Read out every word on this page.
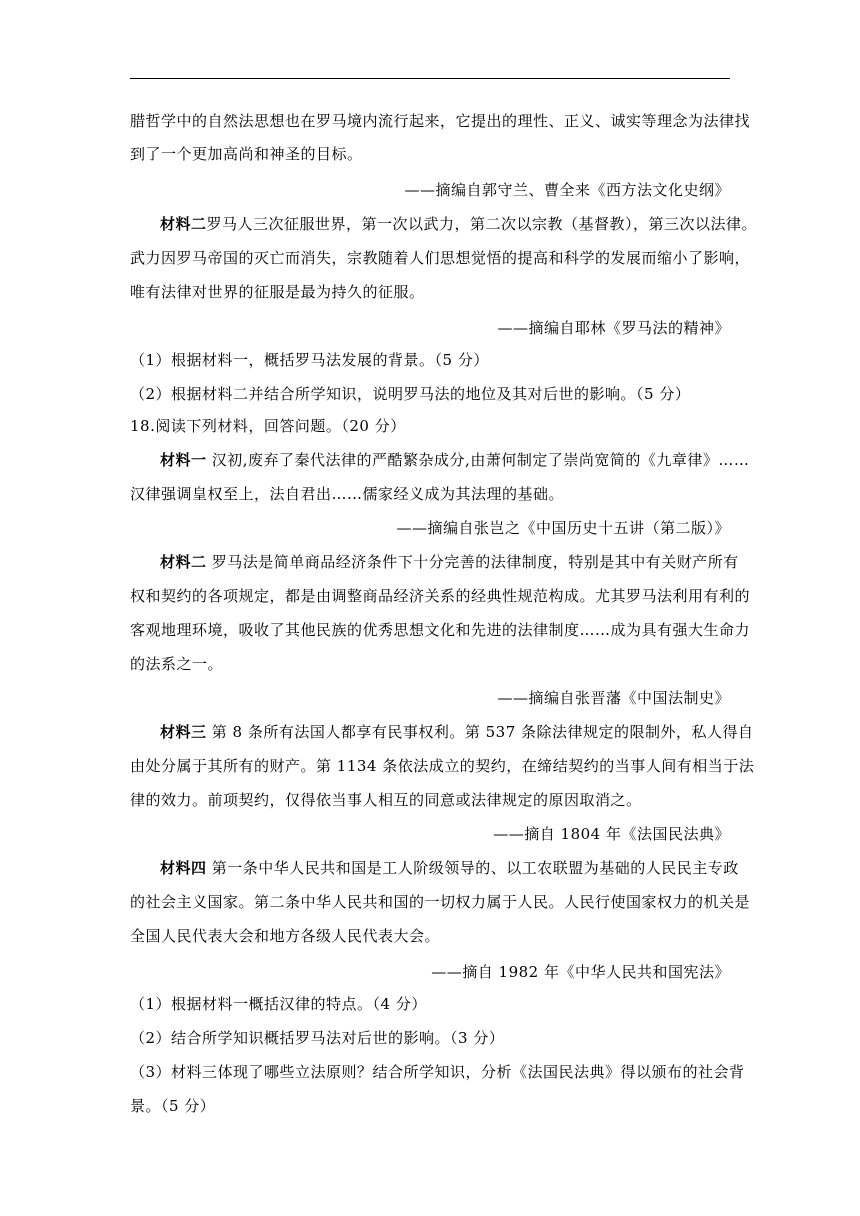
腊哲学中的自然法思想也在罗马境内流行起来，它提出的理性、正义、诚实等理念为法律找
到了一个更加高尚和神圣的目标。
——摘编自郭守兰、曹全来《西方法文化史纲》
材料二罗马人三次征服世界，第一次以武力，第二次以宗教（基督教），第三次以法律。
武力因罗马帝国的灭亡而消失，宗教随着人们思想觉悟的提高和科学的发展而缩小了影响，
唯有法律对世界的征服是最为持久的征服。
——摘编自耶林《罗马法的精神》
（1）根据材料一，概括罗马法发展的背景。（5 分）
（2）根据材料二并结合所学知识，说明罗马法的地位及其对后世的影响。（5 分）
18.阅读下列材料，回答问题。（20 分）
材料一 汉初,废弃了秦代法律的严酷繁杂成分,由萧何制定了崇尚宽简的《九章律》……
汉律强调皇权至上，法自君出……儒家经义成为其法理的基础。
——摘编自张岂之《中国历史十五讲（第二版）》
材料二 罗马法是简单商品经济条件下十分完善的法律制度，特别是其中有关财产所有
权和契约的各项规定，都是由调整商品经济关系的经典性规范构成。尤其罗马法利用有利的
客观地理环境，吸收了其他民族的优秀思想文化和先进的法律制度……成为具有强大生命力
的法系之一。
——摘编自张晋藩《中国法制史》
材料三 第 8 条所有法国人都享有民事权利。第 537 条除法律规定的限制外，私人得自
由处分属于其所有的财产。第 1134 条依法成立的契约，在缔结契约的当事人间有相当于法
律的效力。前项契约，仅得依当事人相互的同意或法律规定的原因取消之。
——摘自 1804 年《法国民法典》
材料四 第一条中华人民共和国是工人阶级领导的、以工农联盟为基础的人民民主专政
的社会主义国家。第二条中华人民共和国的一切权力属于人民。人民行使国家权力的机关是
全国人民代表大会和地方各级人民代表大会。
——摘自 1982 年《中华人民共和国宪法》
（1）根据材料一概括汉律的特点。（4 分）
（2）结合所学知识概括罗马法对后世的影响。（3 分）
（3）材料三体现了哪些立法原则？结合所学知识，分析《法国民法典》得以颁布的社会背
景。（5 分）
